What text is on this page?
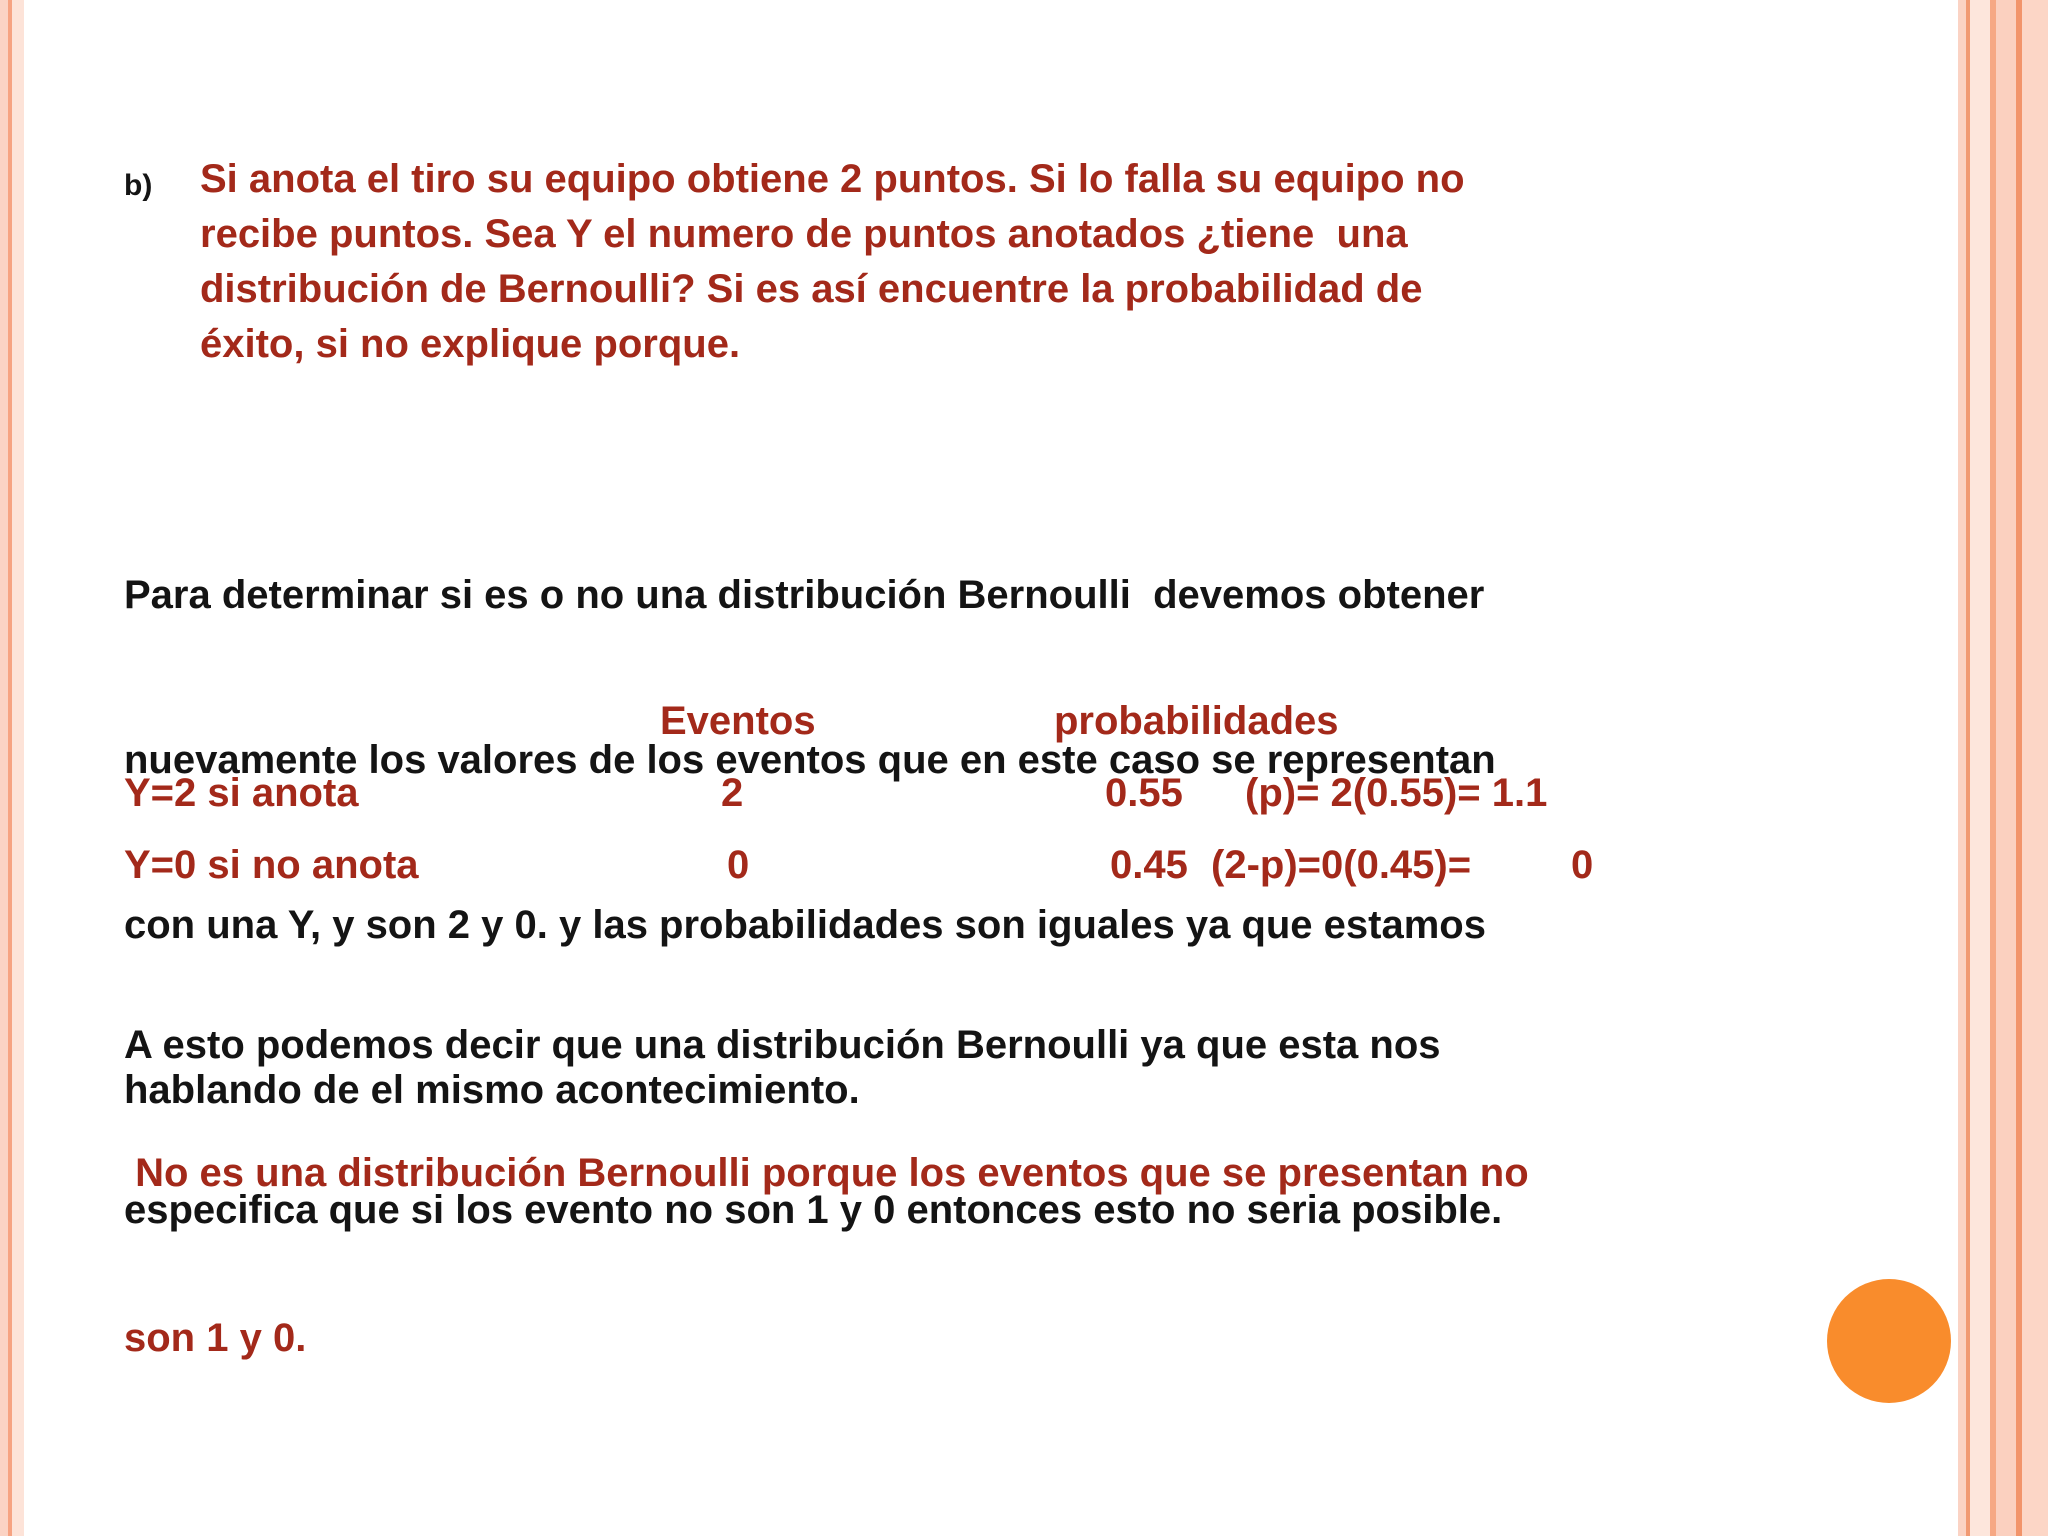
b) Si anota el tiro su equipo obtiene 2 puntos. Si lo falla su equipo no
recibe puntos. Sea Y el numero de puntos anotados ¿tiene  una
distribución de Bernoulli? Si es así encuentre la probabilidad de
éxito, si no explique porque.

Para determinar si es o no una distribución Bernoulli  devemos obtener

nuevamente los valores de los eventos que en este caso se representan

con una Y, y son 2 y 0. y las probabilidades son iguales ya que estamos

hablando de el mismo acontecimiento.

Eventos	probabilidades
Y=2 si anota	2	0.55 (p)= 2(0.55)= 1.1
Y=0 si no anota	0	0.45 (2-p)=0(0.45)= 0

A esto podemos decir que una distribución Bernoulli ya que esta nos

especifica que si los evento no son 1 y 0 entonces esto no seria posible.

No es una distribución Bernoulli porque los eventos que se presentan no

son 1 y 0.
